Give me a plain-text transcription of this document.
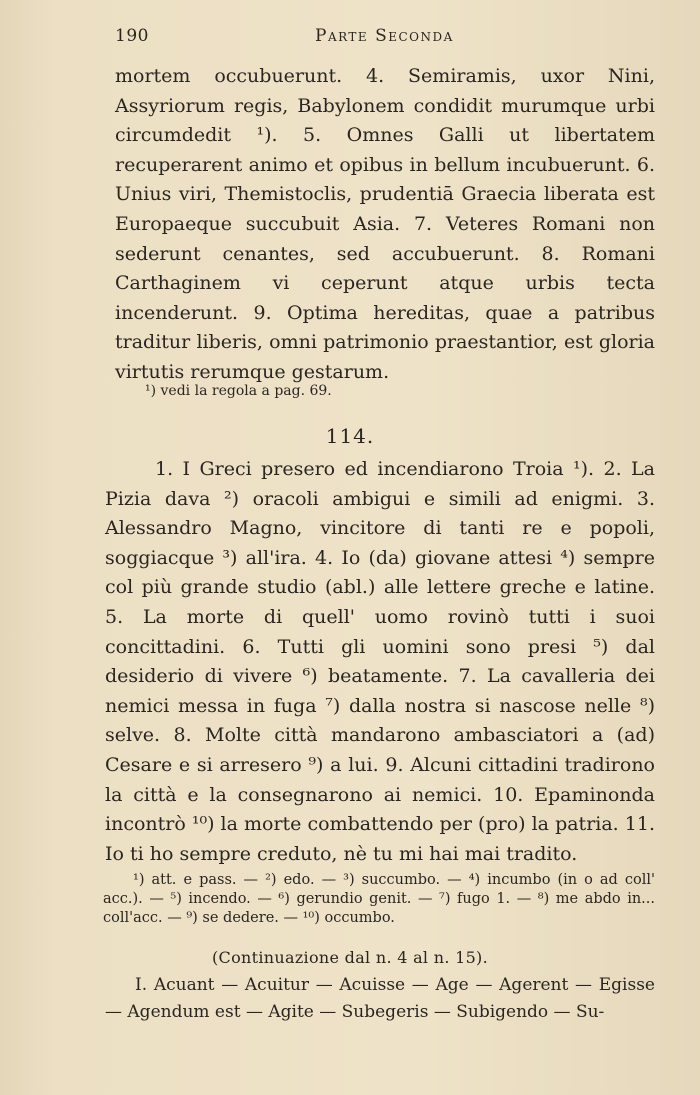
190	Parte Seconda

mortem occubuerunt. 4. Semiramis, uxor Nini, Assyriorum regis, Babylonem condidit murumque urbi circumdedit ¹). 5. Omnes Galli ut libertatem recuperarent animo et opibus in bellum incubuerunt. 6. Unius viri, Themistoclis, prudentiā Graecia liberata est Europaeque succubuit Asia. 7. Veteres Romani non sederunt cenantes, sed accubuerunt. 8. Romani Carthaginem vi ceperunt atque urbis tecta incenderunt. 9. Optima hereditas, quae a patribus traditur liberis, omni patrimonio praestantior, est gloria virtutis rerumque gestarum.

¹) vedi la regola a pag. 69.
114.

1. I Greci presero ed incendiarono Troia ¹). 2. La Pizia dava ²) oracoli ambigui e simili ad enigmi. 3. Alessandro Magno, vincitore di tanti re e popoli, soggiacque ³) all'ira. 4. Io (da) giovane attesi ⁴) sempre col più grande studio (abl.) alle lettere greche e latine. 5. La morte di quell' uomo rovinò tutti i suoi concittadini. 6. Tutti gli uomini sono presi ⁵) dal desiderio di vivere ⁶) beatamente. 7. La cavalleria dei nemici messa in fuga ⁷) dalla nostra si nascose nelle ⁸) selve. 8. Molte città mandarono ambasciatori a (ad) Cesare e si arresero ⁹) a lui. 9. Alcuni cittadini tradirono la città e la consegnarono ai nemici. 10. Epaminonda incontrò ¹⁰) la morte combattendo per (pro) la patria. 11. Io ti ho sempre creduto, nè tu mi hai mai tradito.

¹) att. e pass. — ²) edo. — ³) succumbo. — ⁴) incumbo (in o ad coll' acc.). — ⁵) incendo. — ⁶) gerundio genit. — ⁷) fugo 1. — ⁸) me abdo in... coll'acc. — ⁹) se dedere. — ¹⁰) occumbo.

(Continuazione dal n. 4 al n. 15).

I. Acuant — Acuitur — Acuisse — Age — Agerent — Egisse — Agendum est — Agite — Subegeris — Subigendo — Su-
